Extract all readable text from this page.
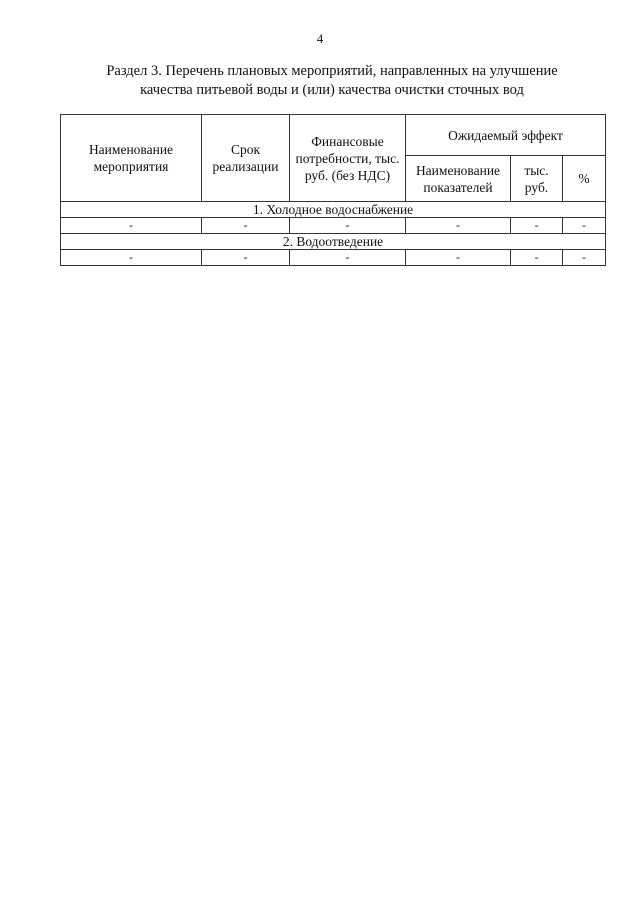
4
Раздел 3. Перечень плановых мероприятий, направленных на улучшение
качества питьевой воды и (или) качества очистки сточных вод
Наименование мероприятия	Срок реализации	Финансовые потребности, тыс. руб. (без НДС)	Ожидаемый эффект		
			Наименование показателей	тыс. руб.	%
1. Холодное водоснабжение					
-	-	-	-	-	-
2. Водоотведение					
-	-	-	-	-	-
